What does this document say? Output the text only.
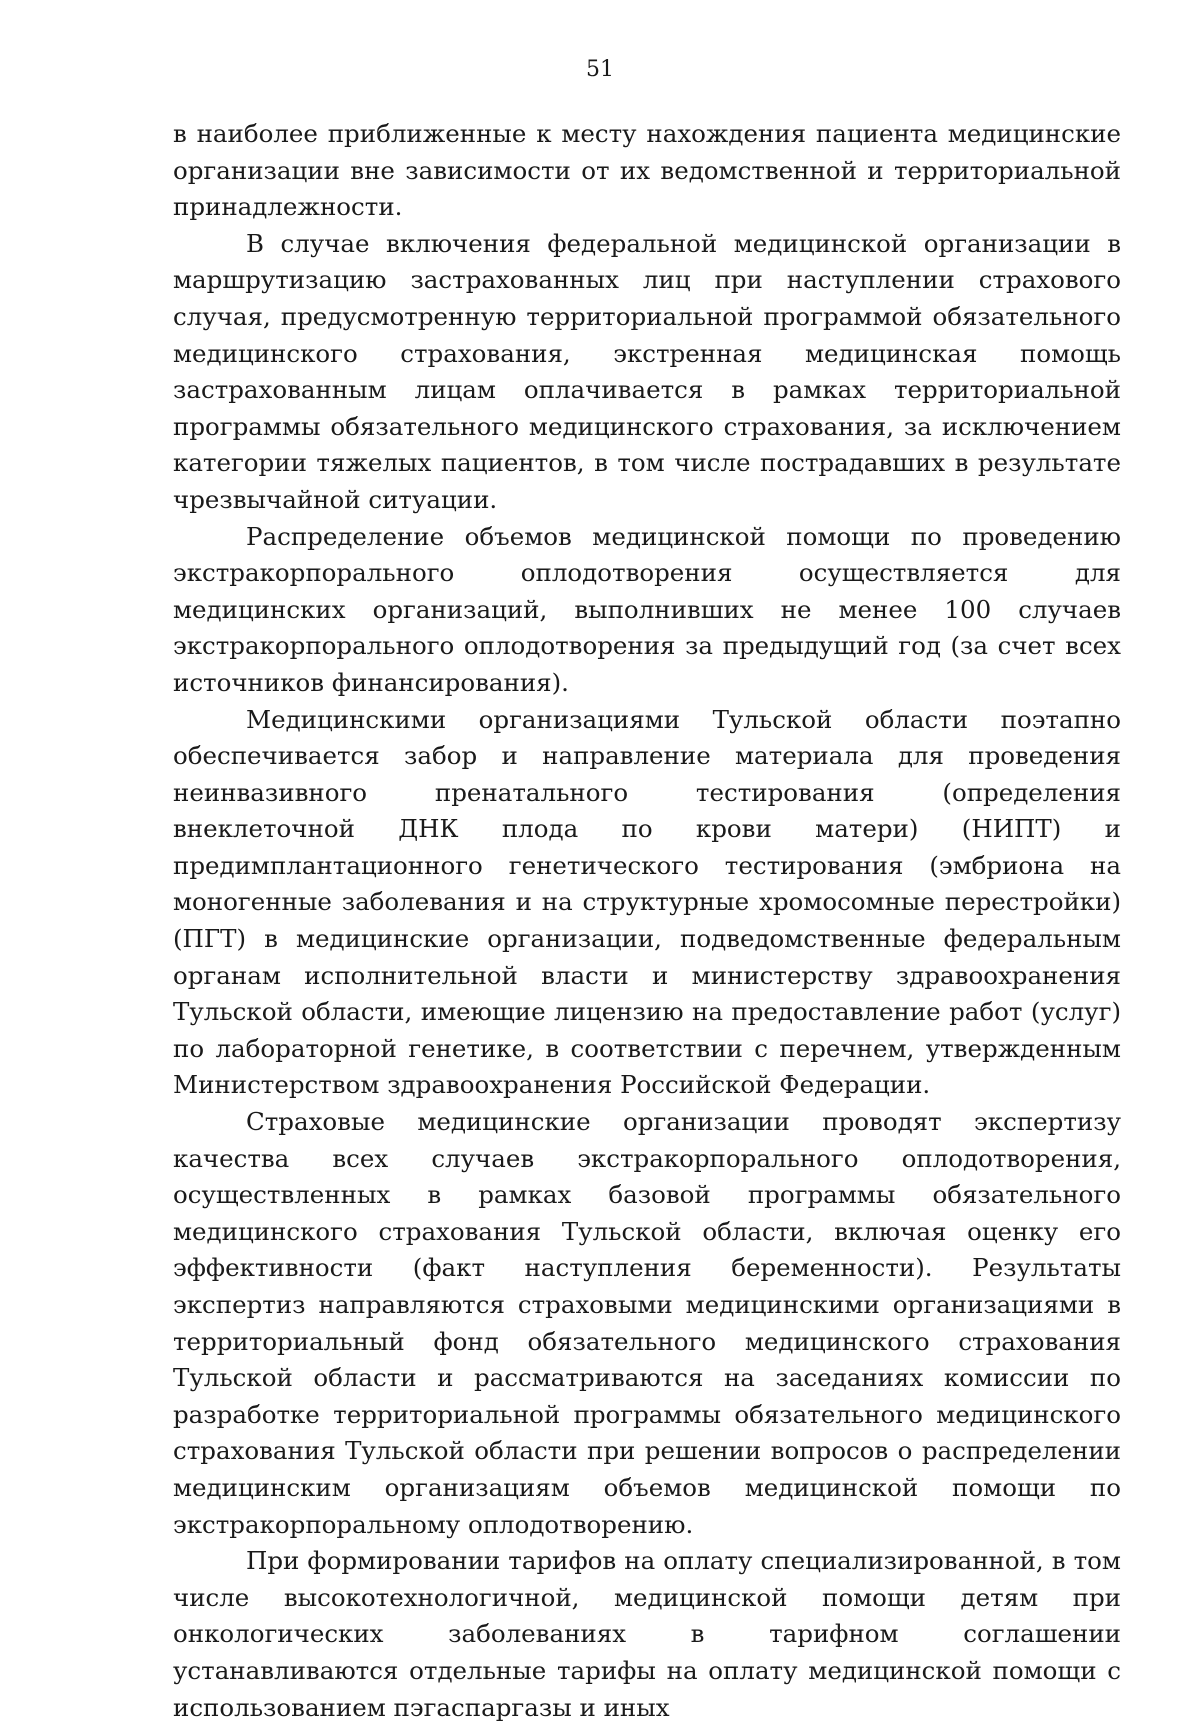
51

в наиболее приближенные к месту нахождения пациента медицинские организации вне зависимости от их ведомственной и территориальной принадлежности.

В случае включения федеральной медицинской организации в маршрутизацию застрахованных лиц при наступлении страхового случая, предусмотренную территориальной программой обязательного медицинского страхования, экстренная медицинская помощь застрахованным лицам оплачивается в рамках территориальной программы обязательного медицинского страхования, за исключением категории тяжелых пациентов, в том числе пострадавших в результате чрезвычайной ситуации.

Распределение объемов медицинской помощи по проведению экстракорпорального оплодотворения осуществляется для медицинских организаций, выполнивших не менее 100 случаев экстракорпорального оплодотворения за предыдущий год (за счет всех источников финансирования).

Медицинскими организациями Тульской области поэтапно обеспечивается забор и направление материала для проведения неинвазивного пренатального тестирования (определения внеклеточной ДНК плода по крови матери) (НИПТ) и предимплантационного генетического тестирования (эмбриона на моногенные заболевания и на структурные хромосомные перестройки) (ПГТ) в медицинские организации, подведомственные федеральным органам исполнительной власти и министерству здравоохранения Тульской области, имеющие лицензию на предоставление работ (услуг) по лабораторной генетике, в соответствии с перечнем, утвержденным Министерством здравоохранения Российской Федерации.

Страховые медицинские организации проводят экспертизу качества всех случаев экстракорпорального оплодотворения, осуществленных в рамках базовой программы обязательного медицинского страхования Тульской области, включая оценку его эффективности (факт наступления беременности). Результаты экспертиз направляются страховыми медицинскими организациями в территориальный фонд обязательного медицинского страхования Тульской области и рассматриваются на заседаниях комиссии по разработке территориальной программы обязательного медицинского страхования Тульской области при решении вопросов о распределении медицинским организациям объемов медицинской помощи по экстракорпоральному оплодотворению.

При формировании тарифов на оплату специализированной, в том числе высокотехнологичной, медицинской помощи детям при онкологических заболеваниях в тарифном соглашении устанавливаются отдельные тарифы на оплату медицинской помощи с использованием пэгаспаргазы и иных
